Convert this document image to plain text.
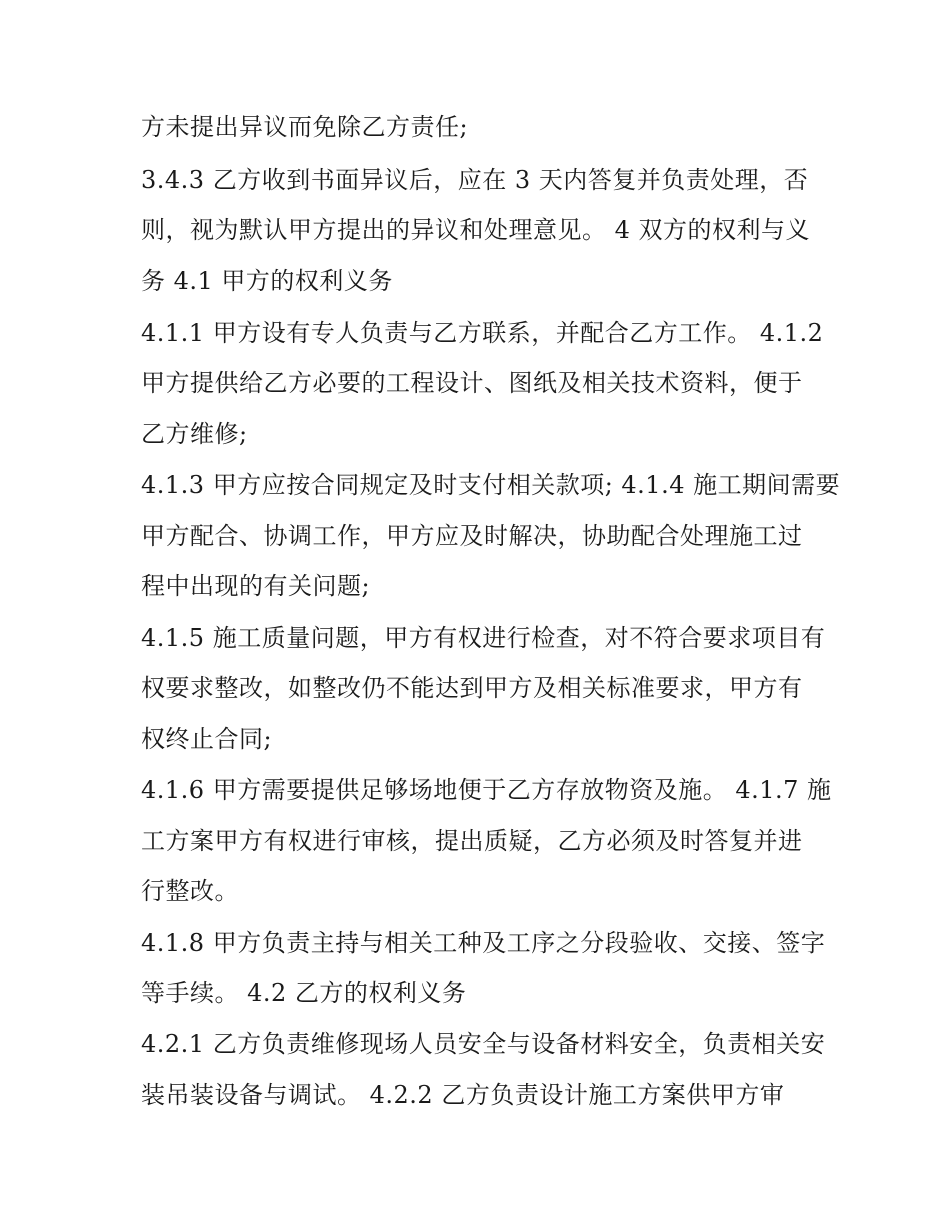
方未提出异议而免除乙方责任;
3.4.3 乙方收到书面异议后，应在 3 天内答复并负责处理，否
则，视为默认甲方提出的异议和处理意见。 4 双方的权利与义
务 4.1 甲方的权利义务
4.1.1 甲方设有专人负责与乙方联系，并配合乙方工作。 4.1.2
甲方提供给乙方必要的工程设计、图纸及相关技术资料，便于
乙方维修;
4.1.3 甲方应按合同规定及时支付相关款项; 4.1.4 施工期间需要
甲方配合、协调工作，甲方应及时解决，协助配合处理施工过
程中出现的有关问题;
4.1.5 施工质量问题，甲方有权进行检查，对不符合要求项目有
权要求整改，如整改仍不能达到甲方及相关标准要求，甲方有
权终止合同;
4.1.6 甲方需要提供足够场地便于乙方存放物资及施。 4.1.7 施
工方案甲方有权进行审核，提出质疑，乙方必须及时答复并进
行整改。
4.1.8 甲方负责主持与相关工种及工序之分段验收、交接、签字
等手续。 4.2 乙方的权利义务
4.2.1 乙方负责维修现场人员安全与设备材料安全，负责相关安
装吊装设备与调试。 4.2.2 乙方负责设计施工方案供甲方审
